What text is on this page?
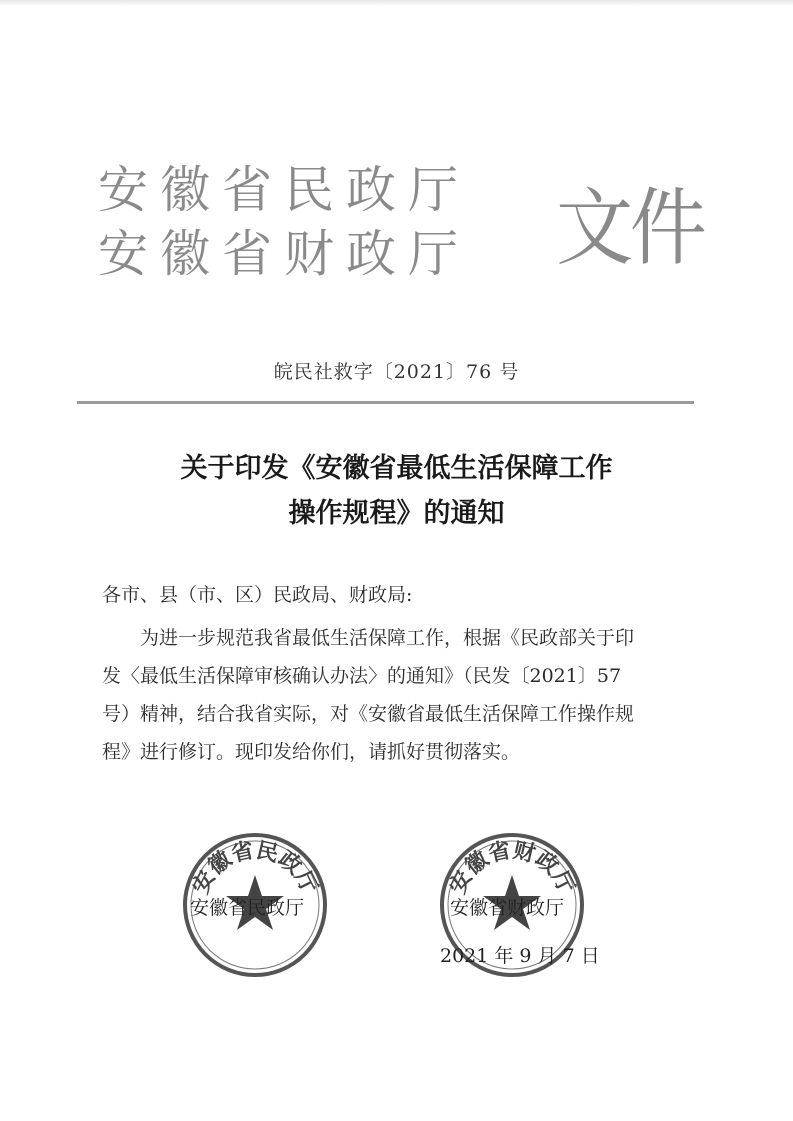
安徽省民政厅
安徽省财政厅 文件
皖民社救字〔2021〕76 号
关于印发《安徽省最低生活保障工作
操作规程》的通知
各市、县（市、区）民政局、财政局:
　　为进一步规范我省最低生活保障工作，根据《民政部关于印
发〈最低生活保障审核确认办法〉的通知》（民发〔2021〕57
号）精神，结合我省实际，对《安徽省最低生活保障工作操作规
程》进行修订。现印发给你们，请抓好贯彻落实。
安徽省民政厅
安徽省民政厅
安徽省财政厅
安徽省财政厅
2021 年 9 月 7 日
